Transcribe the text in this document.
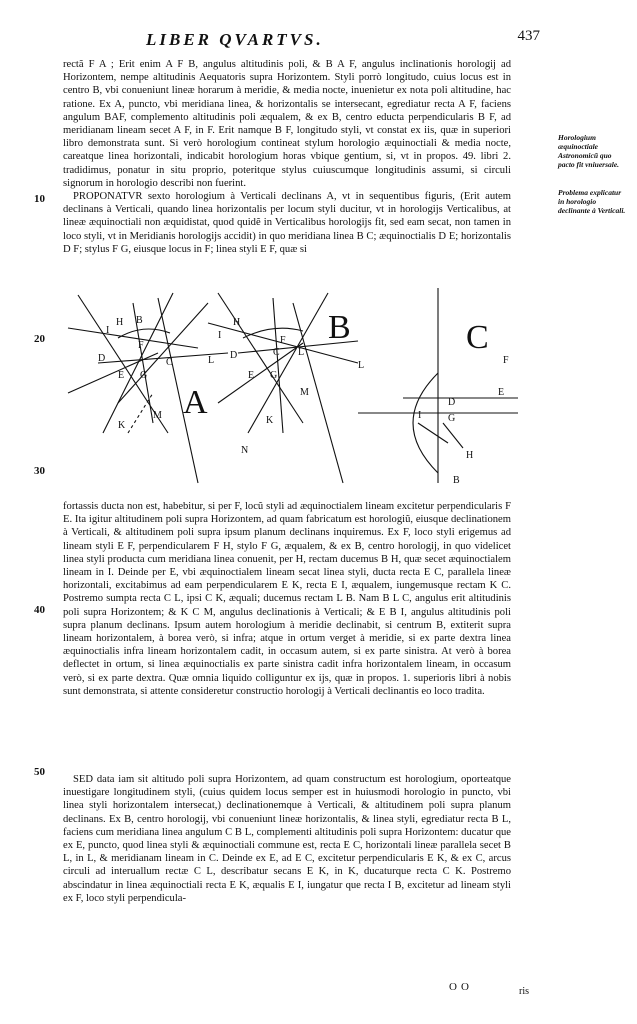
LIBER QVARTVS.	437
10
20
30
40
50
Horologium æquinoctiale Astronomicũ quo pacto fit vniuersale.
Problema explicatur in horologio declinante à Verticali.

rectã F A ; Erit enim A F B, angulus altitudinis poli, & B A F, angulus inclinationis horologij ad Horizontem, nempe altitudinis Aequatoris supra Horizontem. Styli porrò longitudo, cuius locus est in centro B, vbi conueniunt lineæ horarum à meridie, & media nocte, inuenietur ex nota poli altitudine, hac ratione. Ex A, puncto, vbi meridiana linea, & horizontalis se intersecant, egrediatur recta A F, faciens angulum BAF, complemento altitudinis poli æqualem, & ex B, centro educta perpendicularis B F, ad meridianam lineam secet A F, in F. Erit namque B F, longitudo styli, vt constat ex iis, quæ in superiori libro demonstrata sunt. Si verò horologium contineat stylum horologio æquinoctiali & media nocte, careatque linea horizontali, indicabit horologium horas vbique gentium, si, vt in propos. 49. libri 2. tradidimus, ponatur in situ proprio, poteritque stylus cuiuscumque longitudinis assumi, si circuli signorum in horologio describi non fuerint.

PROPONATVR sexto horologium à Verticali declinans A, vt in sequentibus figuris, (Erit autem declinans à Verticali, quando linea horizontalis per locum styli ducitur, vt in horologijs Verticalibus, at lineæ æquinoctiali non æquidistat, quod quidẽ in Verticalibus horologijs fit, sed eam secat, non tamen in loco styli, vt in Meridianis horologijs accidit) in quo meridiana linea B C; æquinoctialis D E; horizontalis D F; stylus F G, eiusque locus in F; linea styli E F, quæ si

A
B	C
I
H B
F
D	L
C
E G
K
M
I
H
F
D	L
C
E G
K
M
N
L	F
D
E
I	G
H
B

fortassis ducta non est, habebitur, si per F, locũ styli ad æquinoctialem lineam excitetur perpendicularis F E. Ita igitur altitudinem poli supra Horizontem, ad quam fabricatum est horologiũ, eiusque declinationem à Verticali, & altitudinem poli supra ipsum planum declinans inquiremus. Ex F, loco styli erigemus ad lineam styli E F, perpendicularem F H, stylo F G, æqualem, & ex B, centro horologij, in quo videlicet linea styli producta cum meridiana linea conuenit, per H, rectam ducemus B H, quæ secet æquinoctialem lineam in I. Deinde per E, vbi æquinoctialem lineam secat linea styli, ducta recta E C, parallela lineæ horizontali, excitabimus ad eam perpendicularem E K, recta E I, æqualem, iungemusque rectam K C. Postremo sumpta recta C L, ipsi C K, æquali; ducemus rectam L B. Nam B L C, angulus erit altitudinis poli supra Horizontem; & K C M, angulus declinationis à Verticali; & E B I, angulus altitudinis poli supra planum declinans. Ipsum autem horologium à meridie declinabit, si centrum B, extiterit supra lineam horizontalem, à borea verò, si infra; atque in ortum verget à meridie, si ex parte dextra linea æquinoctialis infra lineam horizontalem cadit, in occasum autem, si ex parte sinistra. At verò à borea deflectet in ortum, si linea æquinoctialis ex parte sinistra cadit infra horizontalem lineam, in occasum verò, si ex parte dextra. Quæ omnia liquido colliguntur ex ijs, quæ in propos. 1. superioris libri à nobis sunt demonstrata, si attente consideretur constructio horologij à Verticali declinantis eo loco tradita.

SED data iam sit altitudo poli supra Horizontem, ad quam constructum est horologium, oporteatque inuestigare longitudinem styli, (cuius quidem locus semper est in huiusmodi horologio in puncto, vbi linea styli horizontalem intersecat,) declinationemque à Verticali, & altitudinem poli supra planum declinans. Ex B, centro horologij, vbi conueniunt lineæ horizontalis, & linea styli, egrediatur recta B L, faciens cum meridiana linea angulum C B L, complementi altitudinis poli supra Horizontem: ducatur que ex E, puncto, quod linea styli & æquinoctiali commune est, recta E C, horizontali lineæ parallela secet B L, in L, & meridianam lineam in C. Deinde ex E, ad E C, excitetur perpendicularis E K, & ex C, arcus circuli ad interuallum rectæ C L, describatur secans E K, in K, ducaturque recta C K. Postremo abscindatur in linea æquinoctiali recta E K, æqualis E I, iungatur que recta I B, excitetur ad lineam styli ex F, loco styli perpendicula-

OO	ris
